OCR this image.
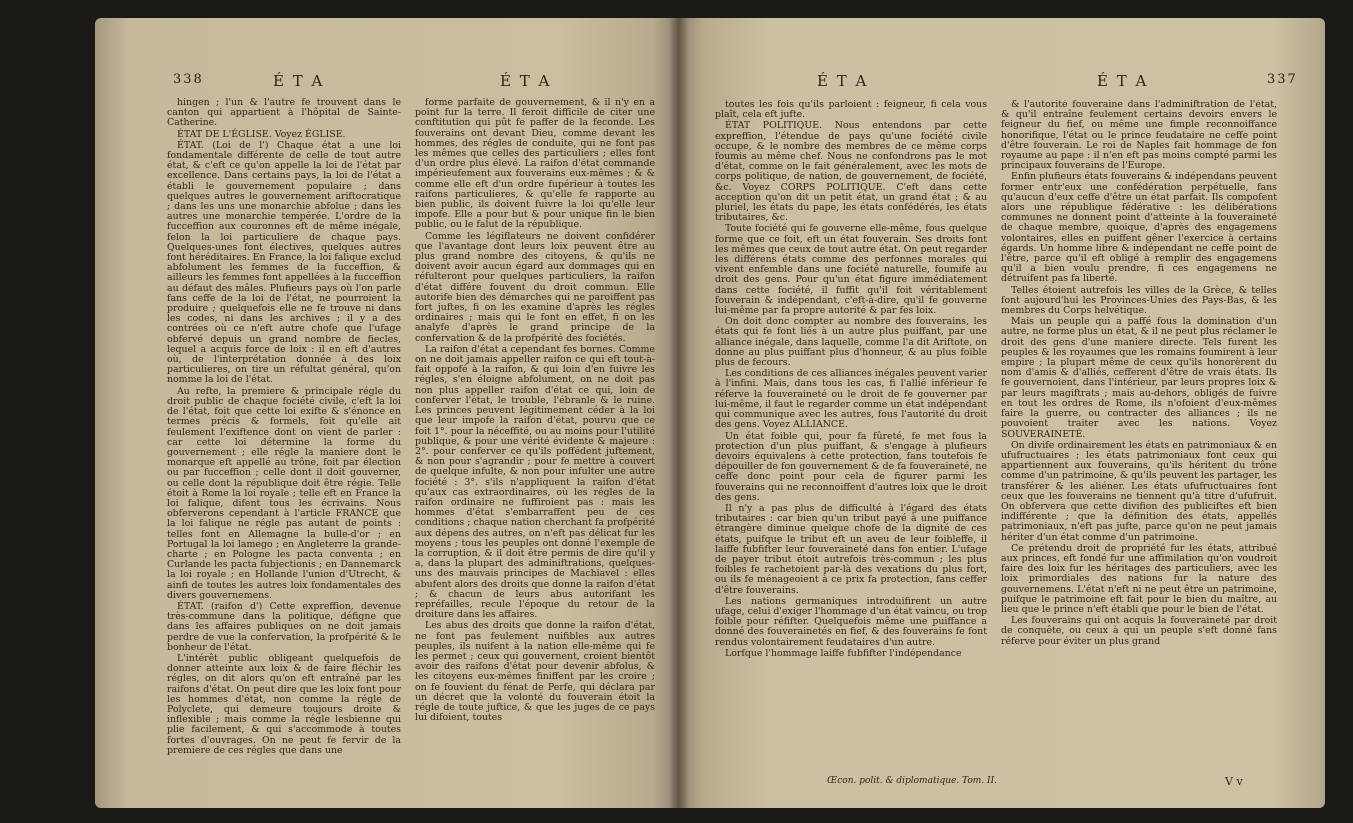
338	É T A	É T A

hingen ; l'un & l'autre fe trouvent dans le canton qui appartient à l'hôpital de Sainte-Catherine.

ÉTAT DE L'ÉGLISE. Voyez ÉGLISE.

ÉTAT. (Loi de l') Chaque état a une loi fondamentale différente de celle de tout autre état, & c'eft ce qu'on appelle la loi de l'état par excellence. Dans certains pays, la loi de l'état a établi le gouvernement populaire ; dans quelques autres le gouvernement ariftocratique ; dans les uns une monarchie abfolue ; dans les autres une monarchie tempérée. L'ordre de la fucceffion aux couronnes eft de même inégale, felon la loi particuliere de chaque pays. Quelques-unes font électives, quelques autres font héréditaires. En France, la loi falique exclud abfolument les femmes de la fucceffion, & ailleurs les femmes font appellées à la fucceffion au défaut des mâles. Plufieurs pays où l'on parle fans ceffe de la loi de l'état, ne pourroient la produire ; quelquefois elle ne fe trouve ni dans les codes, ni dans les archives ; il y a des contrées où ce n'eft autre chofe que l'ufage obfervé depuis un grand nombre de fiecles, lequel a acquis force de loix : il en eft d'autres où, de l'interprétation donnée à des loix particulieres, on tire un réfultat général, qu'on nomme la loi de l'état.

Au refte, la premiere & principale régle du droit public de chaque fociété civile, c'eft la loi de l'état, foit que cette loi exifte & s'énonce en termes précis & formels, foit qu'elle ait feulement l'exiftence dont on vient de parler : car cette loi détermine la forme du gouvernement ; elle régle la maniere dont le monarque eft appellé au trône, foit par élection ou par fucceffion ; celle dont il doit gouverner, ou celle dont la république doit être régie. Telle étoit à Rome la loi royale ; telle eft en France la loi falique, difent tous les écrivains. Nous obferverons cependant à l'article FRANCE que la loi falique ne régle pas autant de points : telles font en Allemagne la bulle-d'or ; en Portugal la loi lamego ; en Angleterre la grande-charte ; en Pologne les pacta conventa ; en Curlande les pacta fubjectionis ; en Dannemarck la loi royale ; en Hollande l'union d'Utrecht, & ainfi de toutes les autres loix fondamentales des divers gouvernemens.

ÉTAT. (raifon d') Cette expreffion, devenue très-commune dans la politique, défigne que dans les affaires publiques on ne doit jamais perdre de vue la confervation, la profpérité & le bonheur de l'état.

L'intérêt public obligeant quelquefois de donner atteinte aux loix & de faire fléchir les régles, on dit alors qu'on eft entraîné par les raifons d'état. On peut dire que les loix font pour les hommes d'état, non comme la régle de Polyclete, qui demeure toujours droite & inflexible ; mais comme la régle lesbienne qui plie facilement, & qui s'accommode à toutes fortes d'ouvrages. On ne peut fe fervir de la premiere de ces régles que dans une

forme parfaite de gouvernement, & il n'y en a point fur la terre. Il feroit difficile de citer une conftitution qui pût fe paffer de la feconde. Les fouverains ont devant Dieu, comme devant les hommes, des régles de conduite, qui ne font pas les mêmes que celles des particuliers ; elles font d'un ordre plus élevé. La raifon d'état commande impérieufement aux fouverains eux-mêmes ; & & comme elle eft d'un ordre fupérieur à toutes les raifons particulieres, & qu'elle fe rapporte au bien public, ils doivent fuivre la loi qu'elle leur impofe. Elle a pour but & pour unique fin le bien public, ou le falut de la république.

Comme les légiflateurs ne doivent confidérer que l'avantage dont leurs loix peuvent être au plus grand nombre des citoyens, & qu'ils ne doivent avoir aucun égard aux dommages qui en réfulteront pour quelques particuliers, la raifon d'état différe fouvent du droit commun. Elle autorife bien des démarches qui ne paroiffent pas fort juftes, fi on les examine d'après les régles ordinaires ; mais qui le font en effet, fi on les analyfe d'après le grand principe de la confervation & de la profpérité des fociétés.

La raifon d'état a cependant fes bornes. Comme on ne doit jamais appeller raifon ce qui eft tout-à-fait oppofé à la raifon, & qui loin d'en fuivre les régles, s'en éloigne abfolument, on ne doit pas non plus appeller raifon d'état ce qui, loin de conferver l'état, le trouble, l'ébranle & le ruine. Les princes peuvent légitimement céder à la loi que leur impofe la raifon d'état, pourvu que ce foit 1°. pour la néceffité, ou au moins pour l'utilité publique, & pour une vérité évidente & majeure : 2°. pour conferver ce qu'ils poffédent juftement, & non pour s'agrandir ; pour fe mettre à couvert de quelque infulte, & non pour infulter une autre fociété : 3°. s'ils n'appliquent la raifon d'état qu'aux cas extraordinaires, où les régles de la raifon ordinaire ne fuffiroient pas : mais les hommes d'état s'embarraffent peu de ces conditions ; chaque nation cherchant fa profpérité aux dépens des autres, on n'eft pas délicat fur les moyens ; tous les peuples ont donné l'exemple de la corruption, & il doit être permis de dire qu'il y a, dans la plupart des adminiftrations, quelques-uns des mauvais principes de Machiavel : elles abufent alors des droits que donne la raifon d'état ; & chacun de leurs abus autorifant les repréfailles, recule l'époque du retour de la droiture dans les affaires.

Les abus des droits que donne la raifon d'état, ne font pas feulement nuifibles aux autres peuples, ils nuifent à la nation elle-même qui fe les permet ; ceux qui gouvernent, croient bientôt avoir des raifons d'état pour devenir abfolus, & les citoyens eux-mêmes finiffent par les croire ; on fe fouvient du fénat de Perfe, qui déclara par un décret que la volonté du fouverain étoit la régle de toute juftice, & que les juges de ce pays lui difoient, toutes

É T A	É T A	337

toutes les fois qu'ils parloient : feigneur, fi cela vous plaît, cela eft jufte.

ÉTAT POLITIQUE. Nous entendons par cette expreffion, l'étendue de pays qu'une fociété civile occupe, & le nombre des membres de ce même corps foumis au même chef. Nous ne confondrons pas le mot d'état, comme on le fait généralement, avec les mots de corps politique, de nation, de gouvernement, de fociété, &c. Voyez CORPS POLITIQUE. C'eft dans cette acception qu'on dit un petit état, un grand état ; & au pluriel, les états du pape, les états confédérés, les états tributaires, &c.

Toute fociété qui fe gouverne elle-même, fous quelque forme que ce foit, eft un état fouverain. Ses droits font les mêmes que ceux de tout autre état. On peut regarder les différens états comme des perfonnes morales qui vivent enfemble dans une fociété naturelle, foumife au droit des gens. Pour qu'un état figure immédiatement dans cette fociété, il fuffit qu'il foit véritablement fouverain & indépendant, c'eft-à-dire, qu'il fe gouverne lui-même par fa propre autorité & par fes loix.

On doit donc compter au nombre des fouverains, les états qui fe font liés à un autre plus puiffant, par une alliance inégale, dans laquelle, comme l'a dit Ariftote, on donne au plus puiffant plus d'honneur, & au plus foible plus de fecours.

Les conditions de ces alliances inégales peuvent varier à l'infini. Mais, dans tous les cas, fi l'allié inférieur fe réferve la fouveraineté ou le droit de fe gouverner par lui-même, il faut le regarder comme un état indépendant qui communique avec les autres, fous l'autorité du droit des gens. Voyez ALLIANCE.

Un état foible qui, pour fa fûreté, fe met fous la protection d'un plus puiffant, & s'engage à plufieurs devoirs équivalens à cette protection, fans toutefois fe dépouiller de fon gouvernement & de fa fouveraineté, ne ceffe donc point pour cela de figurer parmi les fouverains qui ne reconnoiffent d'autres loix que le droit des gens.

Il n'y a pas plus de difficulté à l'égard des états tributaires : car bien qu'un tribut payé à une puiffance étrangère diminue quelque chofe de la dignité de ces états, puifque le tribut eft un aveu de leur foibleffe, il laiffe fubfifter leur fouveraineté dans fon entier. L'ufage de payer tribut étoit autrefois très-commun ; les plus foibles fe rachetoient par-là des vexations du plus fort, ou ils fe ménageoient à ce prix fa protection, fans ceffer d'être fouverains.

Les nations germaniques introduifirent un autre ufage, celui d'exiger l'hommage d'un état vaincu, ou trop foible pour réfifter. Quelquefois même une puiffance a donné des fouverainetés en fief, & des fouverains fe font rendus volontairement feudataires d'un autre.

Lorfque l'hommage laiffe fubfifter l'indépendance

& l'autorité fouveraine dans l'adminiftration de l'état, & qu'il entraîne feulement certains devoirs envers le feigneur du fief, ou même une fimple reconnoiffance honorifique, l'état ou le prince feudataire ne ceffe point d'être fouverain. Le roi de Naples fait hommage de fon royaume au pape : il n'en eft pas moins compté parmi les principaux fouverains de l'Europe.

Enfin plufieurs états fouverains & indépendans peuvent former entr'eux une confédération perpétuelle, fans qu'aucun d'eux ceffe d'être un état parfait. Ils compofent alors une république fédérative : les délibérations communes ne donnent point d'atteinte à la fouveraineté de chaque membre, quoique, d'après des engagemens volontaires, elles en puiffent gêner l'exercice à certains égards. Un homme libre & indépendant ne ceffe point de l'être, parce qu'il eft obligé à remplir des engagemens qu'il a bien voulu prendre, fi ces engagemens ne détruifent pas fa liberté.

Telles étoient autrefois les villes de la Grèce, & telles font aujourd'hui les Provinces-Unies des Pays-Bas, & les membres du Corps helvétique.

Mais un peuple qui a paffé fous la domination d'un autre, ne forme plus un état, & il ne peut plus réclamer le droit des gens d'une maniere directe. Tels furent les peuples & les royaumes que les romains foumirent à leur empire ; la plupart même de ceux qu'ils honorèrent du nom d'amis & d'alliés, cefferent d'être de vrais états. Ils fe gouvernoient, dans l'intérieur, par leurs propres loix & par leurs magiftrats ; mais au-dehors, obligés de fuivre en tout les ordres de Rome, ils n'ofoient d'eux-mêmes faire la guerre, ou contracter des alliances ; ils ne pouvoient traiter avec les nations. Voyez SOUVERAINETÉ.

On divife ordinairement les états en patrimoniaux & en ufufructuaires ; les états patrimoniaux font ceux qui appartiennent aux fouverains, qu'ils héritent du trône comme d'un patrimoine, & qu'ils peuvent les partager, les transférer & les aliéner. Les états ufufructuaires font ceux que les fouverains ne tiennent qu'à titre d'ufufruit. On obfervera que cette divifion des publiciftes eft bien indifférente ; que la définition des états, appellés patrimoniaux, n'eft pas jufte, parce qu'on ne peut jamais hériter d'un état comme d'un patrimoine.

Ce prétendu droit de propriété fur les états, attribué aux princes, eft fondé fur une affimilation qu'on voudroit faire des loix fur les héritages des particuliers, avec les loix primordiales des nations fur la nature des gouvernemens. L'état n'eft ni ne peut être un patrimoine, puifque le patrimoine eft fait pour le bien du maître, au lieu que le prince n'eft établi que pour le bien de l'état.

Les fouverains qui ont acquis la fouveraineté par droit de conquête, ou ceux à qui un peuple s'eft donné fans réferve pour éviter un plus grand

Œcon. polit. & diplomatique. Tom. II.	V v
